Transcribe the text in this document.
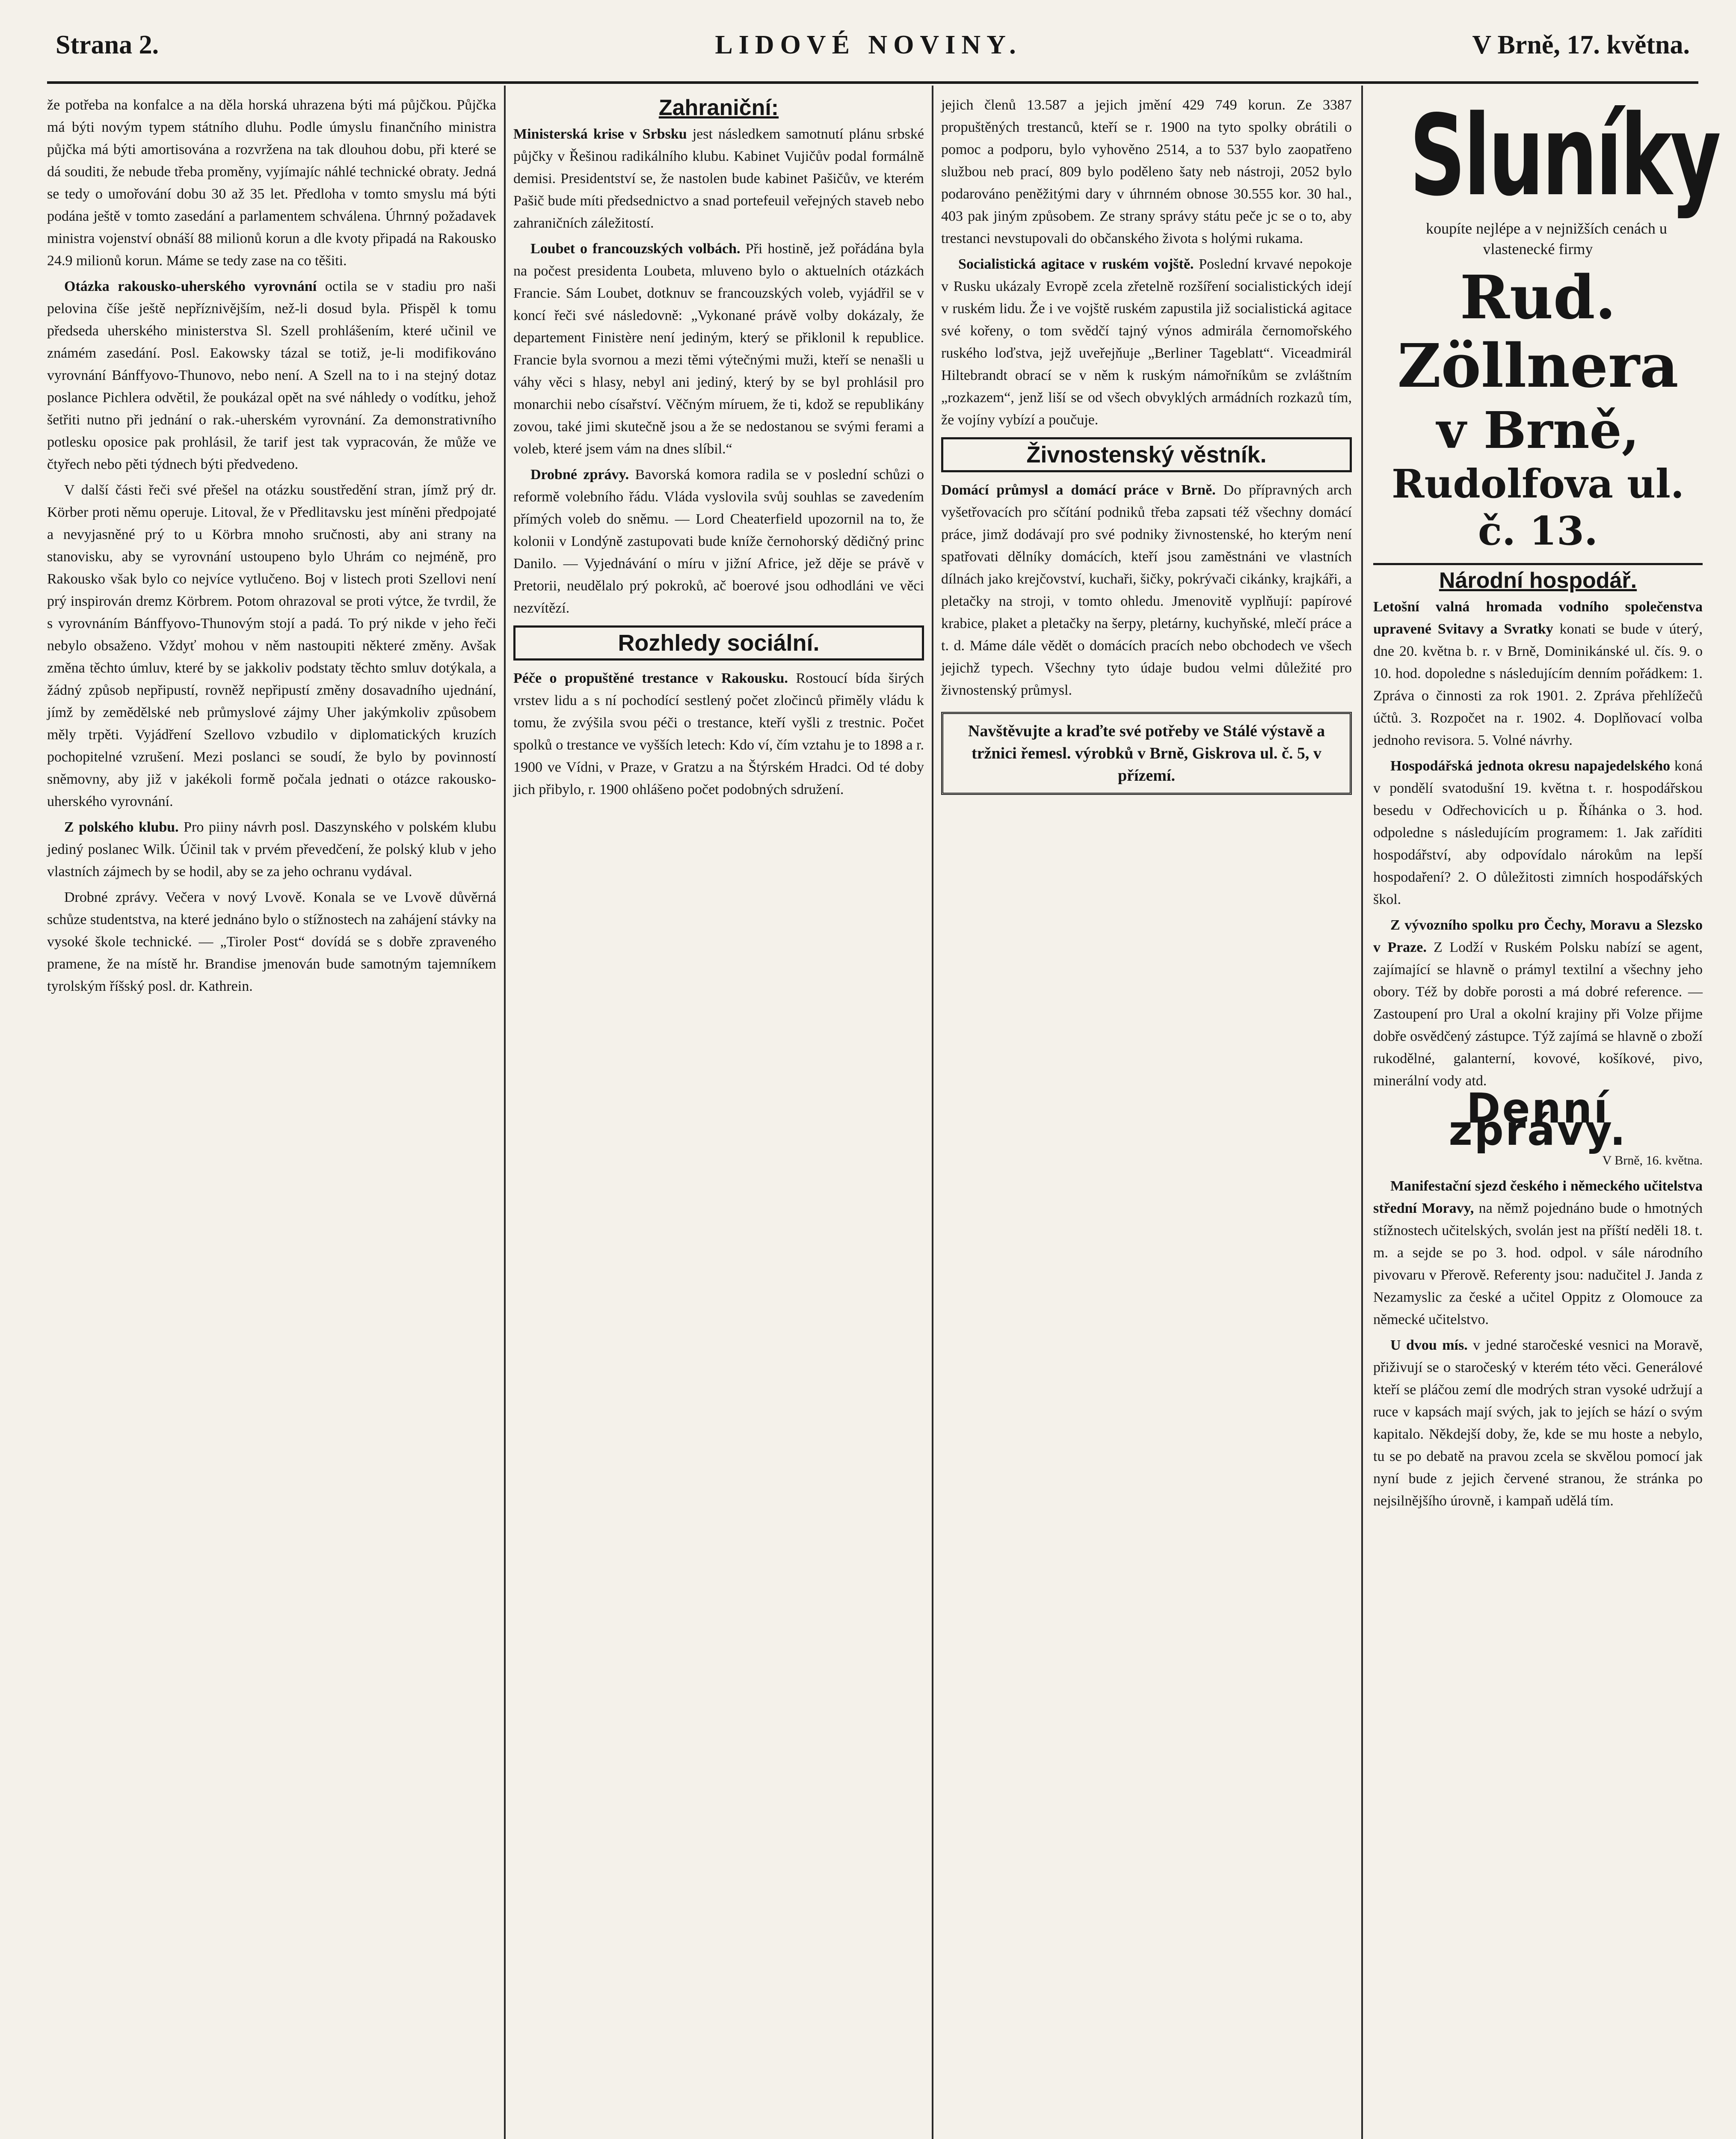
LIDOVÉ NOVINY.
Strana 2.	V Brně, 17. května.

že potřeba na konfalce a na děla horská uhrazena býti má půjčkou. Půjčka má býti novým typem státního dluhu. Podle úmyslu finančního ministra půjčka má býti amortisována a rozvržena na tak dlouhou dobu, při které se dá souditi, že nebude třeba proměny, vyjímajíc náhlé technické obraty. Jedná se tedy o umořování dobu 30 až 35 let. Předloha v tomto smyslu má býti podána ještě v tomto zasedání a parlamentem schválena. Úhrnný požadavek ministra vojenství obnáší 88 milionů korun a dle kvoty připadá na Rakousko 24.9 milionů korun. Máme se tedy zase na co těšiti.

Otázka rakousko-uherského vyrovnání octila se v stadiu pro naši pelovina číše ještě nepříznivějším, než-li dosud byla. Přispěl k tomu předseda uherského ministerstva Sl. Szell prohlášením, které učinil ve známém zasedání. Posl. Eakowsky tázal se totiž, je-li modifikováno vyrovnání Bánffyovo-Thunovo, nebo není. A Szell na to i na stejný dotaz poslance Pichlera odvětil, že poukázal opět na své náhledy o vodítku, jehož šetřiti nutno při jednání o rak.-uherském vyrovnání. Za demonstrativního potlesku oposice pak prohlásil, že tarif jest tak vypracován, že může ve čtyřech nebo pěti týdnech býti předvedeno.

V další části řeči své přešel na otázku soustředění stran, jímž prý dr. Körber proti němu operuje. Litoval, že v Předlitavsku jest míněni předpojaté a nevyjasněné prý to u Körbra mnoho sručnosti, aby ani strany na stanovisku, aby se vyrovnání ustoupeno bylo Uhrám co nejméně, pro Rakousko však bylo co nejvíce vytlučeno. Boj v listech proti Szellovi není prý inspirován dremz Körbrem. Potom ohrazoval se proti výtce, že tvrdil, že s vyrovnáním Bánffyovo-Thunovým stojí a padá. To prý nikde v jeho řeči nebylo obsaženo. Vždyť mohou v něm nastoupiti některé změny. Avšak změna těchto úmluv, které by se jakkoliv podstaty těchto smluv dotýkala, a žádný způsob nepřipustí, rovněž nepřipustí změny dosavadního ujednání, jímž by zemědělské neb průmyslové zájmy Uher jakýmkoliv způsobem měly trpěti. Vyjádření Szellovo vzbudilo v diplomatických kruzích pochopitelné vzrušení. Mezi poslanci se soudí, že bylo by povinností sněmovny, aby již v jakékoli formě počala jednati o otázce rakousko-uherského vyrovnání.

Z polského klubu. Pro piiny návrh posl. Daszynského v polském klubu jediný poslanec Wilk. Účinil tak v prvém převedčení, že polský klub v jeho vlastních zájmech by se hodil, aby se za jeho ochranu vydával.

Drobné zprávy. Večera v nový Lvově. Konala se ve Lvově důvěrná schůze studentstva, na které jednáno bylo o stížnostech na zahájení stávky na vysoké škole technické. — „Tiroler Post“ dovídá se s dobře zpraveného pramene, že na místě hr. Brandise jmenován bude samotným tajemníkem tyrolským říšský posl. dr. Kathrein.

Zahraniční:

Ministerská krise v Srbsku jest následkem samotnutí plánu srbské půjčky v Řešinou radikálního klubu. Kabinet Vujičův podal formálně demisi. Presidentství se, že nastolen bude kabinet Pašičův, ve kterém Pašič bude míti předsednictvo a snad portefeuil veřejných staveb nebo zahraničních záležitostí.

Loubet o francouzských volbách. Při hostině, jež pořádána byla na počest presidenta Loubeta, mluveno bylo o aktuelních otázkách Francie. Sám Loubet, dotknuv se francouzských voleb, vyjádřil se v koncí řeči své následovně: „Vykonané právě volby dokázaly, že departement Finistère není jediným, který se přiklonil k republice. Francie byla svornou a mezi těmi výtečnými muži, kteří se nenašli u váhy věci s hlasy, nebyl ani jediný, který by se byl prohlásil pro monarchii nebo císařství. Věčným míruem, že ti, kdož se republikány zovou, také jimi skutečně jsou a že se nedostanou se svými ferami a voleb, které jsem vám na dnes slíbil.“

Drobné zprávy. Bavorská komora radila se v poslední schůzi o reformě volebního řádu. Vláda vyslovila svůj souhlas se zavedením přímých voleb do sněmu. — Lord Cheaterfield upozornil na to, že kolonii v Londýně zastupovati bude kníže černohorský dědičný princ Danilo. — Vyjednávání o míru v jižní Africe, jež děje se právě v Pretorii, neudělalo prý pokroků, ač boerové jsou odhodláni ve věci nezvítězí.

Rozhledy sociální.

Péče o propuštěné trestance v Rakousku. Rostoucí bída širých vrstev lidu a s ní pochodící sestlený počet zločinců přiměly vládu k tomu, že zvýšila svou péči o trestance, kteří vyšli z trestnic. Počet spolků o trestance ve vyšších letech: Kdo ví, čím vztahu je to 1898 a r. 1900 ve Vídni, v Praze, v Gratzu a na Štýrském Hradci. Od té doby jich přibylo, r. 1900 ohlášeno počet podobných sdružení.

jejich členů 13.587 a jejich jmění 429 749 korun. Ze 3387 propuštěných trestanců, kteří se r. 1900 na tyto spolky obrátili o pomoc a podporu, bylo vyhověno 2514, a to 537 bylo zaopatřeno službou neb prací, 809 bylo poděleno šaty neb nástroji, 2052 bylo podarováno peněžitými dary v úhrnném obnose 30.555 kor. 30 hal., 403 pak jiným způsobem. Ze strany správy státu peče jc se o to, aby trestanci nevstupovali do občanského života s holými rukama.

Socialistická agitace v ruském vojště. Poslední krvavé nepokoje v Rusku ukázaly Evropě zcela zřetelně rozšíření socialistických idejí v ruském lidu. Že i ve vojště ruském zapustila již socialistická agitace své kořeny, o tom svědčí tajný výnos admirála černomořského ruského loďstva, jejž uveřejňuje „Berliner Tageblatt“. Viceadmirál Hiltebrandt obrací se v něm k ruským námořníkům se zvláštním „rozkazem“, jenž liší se od všech obvyklých armádních rozkazů tím, že vojíny vybízí a poučuje.

Živnostenský věstník.

Domácí průmysl a domácí práce v Brně. Do přípravných arch vyšetřovacích pro sčítání podniků třeba zapsati též všechny domácí práce, jimž dodávají pro své podniky živnostenské, ho kterým není spatřovati dělníky domácích, kteří jsou zaměstnáni ve vlastních dílnách jako krejčovství, kuchaři, šičky, pokrývači cikánky, krajkáři, a pletačky na stroji, v tomto ohledu. Jmenovitě vyplňují: papírové krabice, plaket a pletačky na šerpy, pletárny, kuchyňské, mlečí práce a t. d. Máme dále vědět o domácích pracích nebo obchodech ve všech jejichž typech. Všechny tyto údaje budou velmi důležité pro živnostenský průmysl.

Navštěvujte a kraďte své potřeby ve Stálé výstavě a tržnici řemesl. výrobků v Brně, Giskrova ul. č. 5, v přízemí.
Sluníky

koupíte nejlépe a v nejnižších cenách u vlastenecké firmy

Rud. Zöllnera
v Brně,
Rudolfova ul. č. 13.
Národní hospodář.

Letošní valná hromada vodního společenstva upravené Svitavy a Svratky konati se bude v úterý, dne 20. května b. r. v Brně, Dominikánské ul. čís. 9. o 10. hod. dopoledne s následujícím denním pořádkem: 1. Zpráva o činnosti za rok 1901. 2. Zpráva přehlížečů účtů. 3. Rozpočet na r. 1902. 4. Doplňovací volba jednoho revisora. 5. Volné návrhy.

Hospodářská jednota okresu napajedelského koná v pondělí svatodušní 19. května t. r. hospodářskou besedu v Odřechovicích u p. Říhánka o 3. hod. odpoledne s následujícím programem: 1. Jak zaříditi hospodářství, aby odpovídalo nárokům na lepší hospodaření? 2. O důležitosti zimních hospodářských škol.

Z vývozního spolku pro Čechy, Moravu a Slezsko v Praze. Z Lodží v Ruském Polsku nabízí se agent, zajímající se hlavně o prámyl textilní a všechny jeho obory. Též by dobře porosti a má dobré reference. — Zastoupení pro Ural a okolní krajiny při Volze přijme dobře osvědčený zástupce. Týž zajímá se hlavně o zboží rukodělné, galanterní, kovové, košíkové, pivo, minerální vody atd.

Denní zprávy.

V Brně, 16. května.

Manifestační sjezd českého i německého učitelstva střední Moravy, na němž pojednáno bude o hmotných stížnostech učitelských, svolán jest na příští neděli 18. t. m. a sejde se po 3. hod. odpol. v sále národního pivovaru v Přerově. Referenty jsou: nadučitel J. Janda z Nezamyslic za české a učitel Oppitz z Olomouce za německé učitelstvo.

U dvou mís. v jedné staročeské vesnici na Moravě, přiživují se o staročeský v kterém této věci. Generálové kteří se pláčou zemí dle modrých stran vysoké udržují a ruce v kapsách mají svých, jak to jejích se hází o svým kapitalo. Někdejší doby, že, kde se mu hoste a nebylo, tu se po debatě na pravou zcela se skvělou pomocí jak nyní bude z jejich červené stranou, že stránka po nejsilnějšího úrovně, i kampaň udělá tím.
